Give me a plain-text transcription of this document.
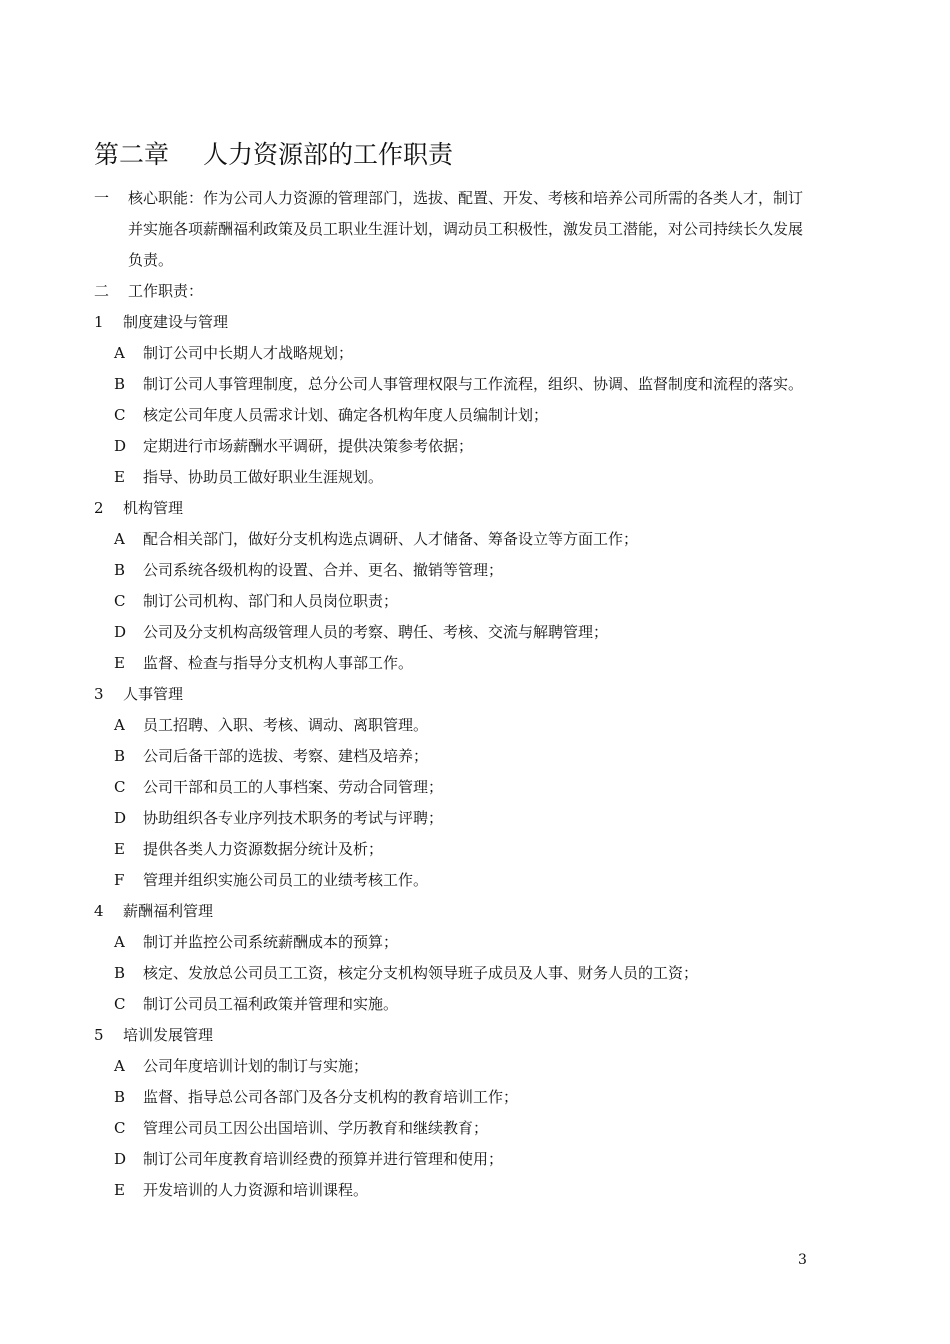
第二章 人力资源部的工作职责
一	核心职能：作为公司人力资源的管理部门，选拔、配置、开发、考核和培养公司所需的各类人才，制订并实施各项薪酬福利政策及员工职业生涯计划，调动员工积极性，激发员工潜能，对公司持续长久发展负责。
二	工作职责：
1	制度建设与管理
A	制订公司中长期人才战略规划；
B	制订公司人事管理制度，总分公司人事管理权限与工作流程，组织、协调、监督制度和流程的落实。
C	核定公司年度人员需求计划、确定各机构年度人员编制计划；
D	定期进行市场薪酬水平调研，提供决策参考依据；
E	指导、协助员工做好职业生涯规划。
2	机构管理
A	配合相关部门，做好分支机构选点调研、人才储备、筹备设立等方面工作；
B	公司系统各级机构的设置、合并、更名、撤销等管理；
C	制订公司机构、部门和人员岗位职责；
D	公司及分支机构高级管理人员的考察、聘任、考核、交流与解聘管理；
E	监督、检查与指导分支机构人事部工作。
3	人事管理
A	员工招聘、入职、考核、调动、离职管理。
B	公司后备干部的选拔、考察、建档及培养；
C	公司干部和员工的人事档案、劳动合同管理；
D	协助组织各专业序列技术职务的考试与评聘；
E	提供各类人力资源数据分统计及析；
F	管理并组织实施公司员工的业绩考核工作。
4	薪酬福利管理
A	制订并监控公司系统薪酬成本的预算；
B	核定、发放总公司员工工资，核定分支机构领导班子成员及人事、财务人员的工资；
C	制订公司员工福利政策并管理和实施。
5	培训发展管理
A	公司年度培训计划的制订与实施；
B	监督、指导总公司各部门及各分支机构的教育培训工作；
C	管理公司员工因公出国培训、学历教育和继续教育；
D	制订公司年度教育培训经费的预算并进行管理和使用；
E	开发培训的人力资源和培训课程。
3
